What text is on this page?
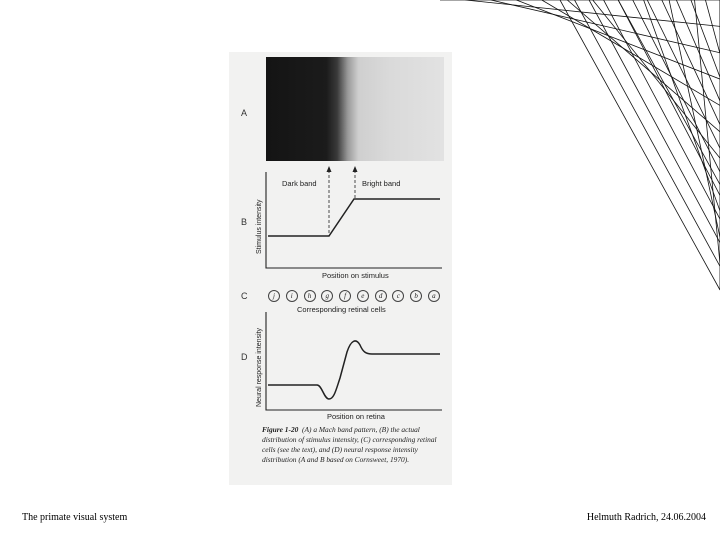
A
B
C
D
Dark band	Bright band
Stimulus intensity
Position on stimulus
j	i	h	g	f	e	d	c	b	a
Corresponding retinal cells
Neural response intensity
Position on retina
Figure 1-20 (A) a Mach band pattern, (B) the actual distribution of stimulus intensity, (C) corresponding retinal cells (see the text), and (D) neural response intensity distribution (A and B based on Cornsweet, 1970).
The primate visual system	Helmuth Radrich, 24.06.2004
